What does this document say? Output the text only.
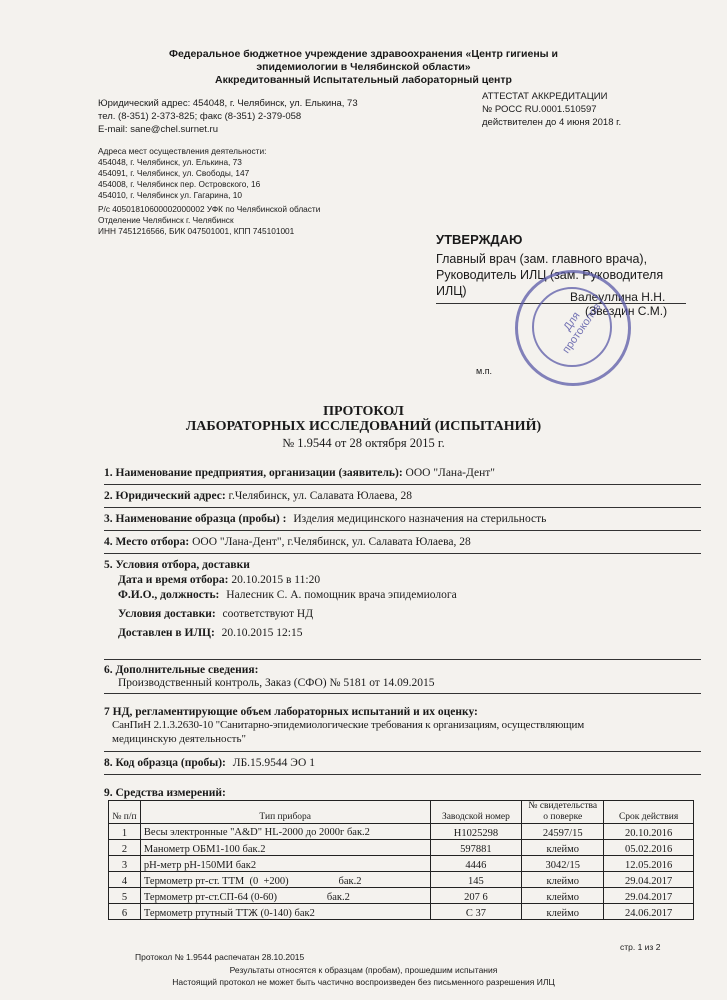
Федеральное бюджетное учреждение здравоохранения «Центр гигиены и
эпидемиологии в Челябинской области»
Аккредитованный Испытательный лабораторный центр
Юридический адрес: 454048, г. Челябинск, ул. Елькина, 73
тел. (8-351) 2-373-825; факс (8-351) 2-379-058
E-mail: sane@chel.surnet.ru
Адреса мест осуществления деятельности:
454048, г. Челябинск, ул. Елькина, 73
454091, г. Челябинск, ул. Свободы, 147
454008, г. Челябинск пер. Островского, 16
454010, г. Челябинск ул. Гагарина, 10
Р/с 40501810600002000002 УФК по Челябинской области
Отделение Челябинск г. Челябинск
ИНН 7451216566, БИК 047501001, КПП 745101001
АТТЕСТАТ АККРЕДИТАЦИИ
№ РОСС RU.0001.510597
действителен до 4 июня 2018 г.
УТВЕРЖДАЮ
Главный врач (зам. главного врача),
Руководитель ИЛЦ (зам. Руководителя
ИЛЦ)	Валеуллина Н.Н.
(Звездин С.М.)
Для протоколов
м.п.
ПРОТОКОЛ
ЛАБОРАТОРНЫХ ИССЛЕДОВАНИЙ (ИСПЫТАНИЙ)
№ 1.9544 от 28 октября 2015 г.
1. Наименование предприятия, организации (заявитель): ООО "Лана-Дент"
2. Юридический адрес: г.Челябинск, ул. Салавата Юлаева, 28
3. Наименование образца (пробы) : Изделия медицинского назначения на стерильность
4. Место отбора: ООО "Лана-Дент", г.Челябинск, ул. Салавата Юлаева, 28
5. Условия отбора, доставки
Дата и время отбора: 20.10.2015 в 11:20
Ф.И.О., должность: Налесник С. А. помощник врача эпидемиолога
Условия доставки: соответствуют НД
Доставлен в ИЛЦ: 20.10.2015 12:15
6. Дополнительные сведения:
Производственный контроль, Заказ (СФО) № 5181 от 14.09.2015
7 НД, регламентирующие объем лабораторных испытаний и их оценку:
СанПиН 2.1.3.2630-10 "Санитарно-эпидемиологические требования к организациям, осуществляющим
медицинскую деятельность"
8. Код образца (пробы): ЛБ.15.9544 ЭО 1
9. Средства измерений:
№ п/п	Тип прибора	Заводской номер	№ свидетельства о поверке	Срок действия
1	Весы электронные "A&D" HL-2000 до 2000г бак.2	Н1025298	24597/15	20.10.2016
2	Манометр ОБМ1-100 бак.2	597881	клеймо	05.02.2016
3	рН-метр рН-150МИ бак2	4446	3042/15	12.05.2016
4	Термометр рт-ст. ТТМ  (0  +200)                   бак.2	145	клеймо	29.04.2017
5	Термометр рт-ст.СП-64 (0-60)                   бак.2	207 6	клеймо	29.04.2017
6	Термометр ртутный ТТЖ (0-140) бак2	С 37	клеймо	24.06.2017
Протокол № 1.9544 распечатан 28.10.2015
стр. 1 из 2
Результаты относятся к образцам (пробам), прошедшим испытания
Настоящий протокол не может быть частично воспроизведен без письменного разрешения ИЛЦ
